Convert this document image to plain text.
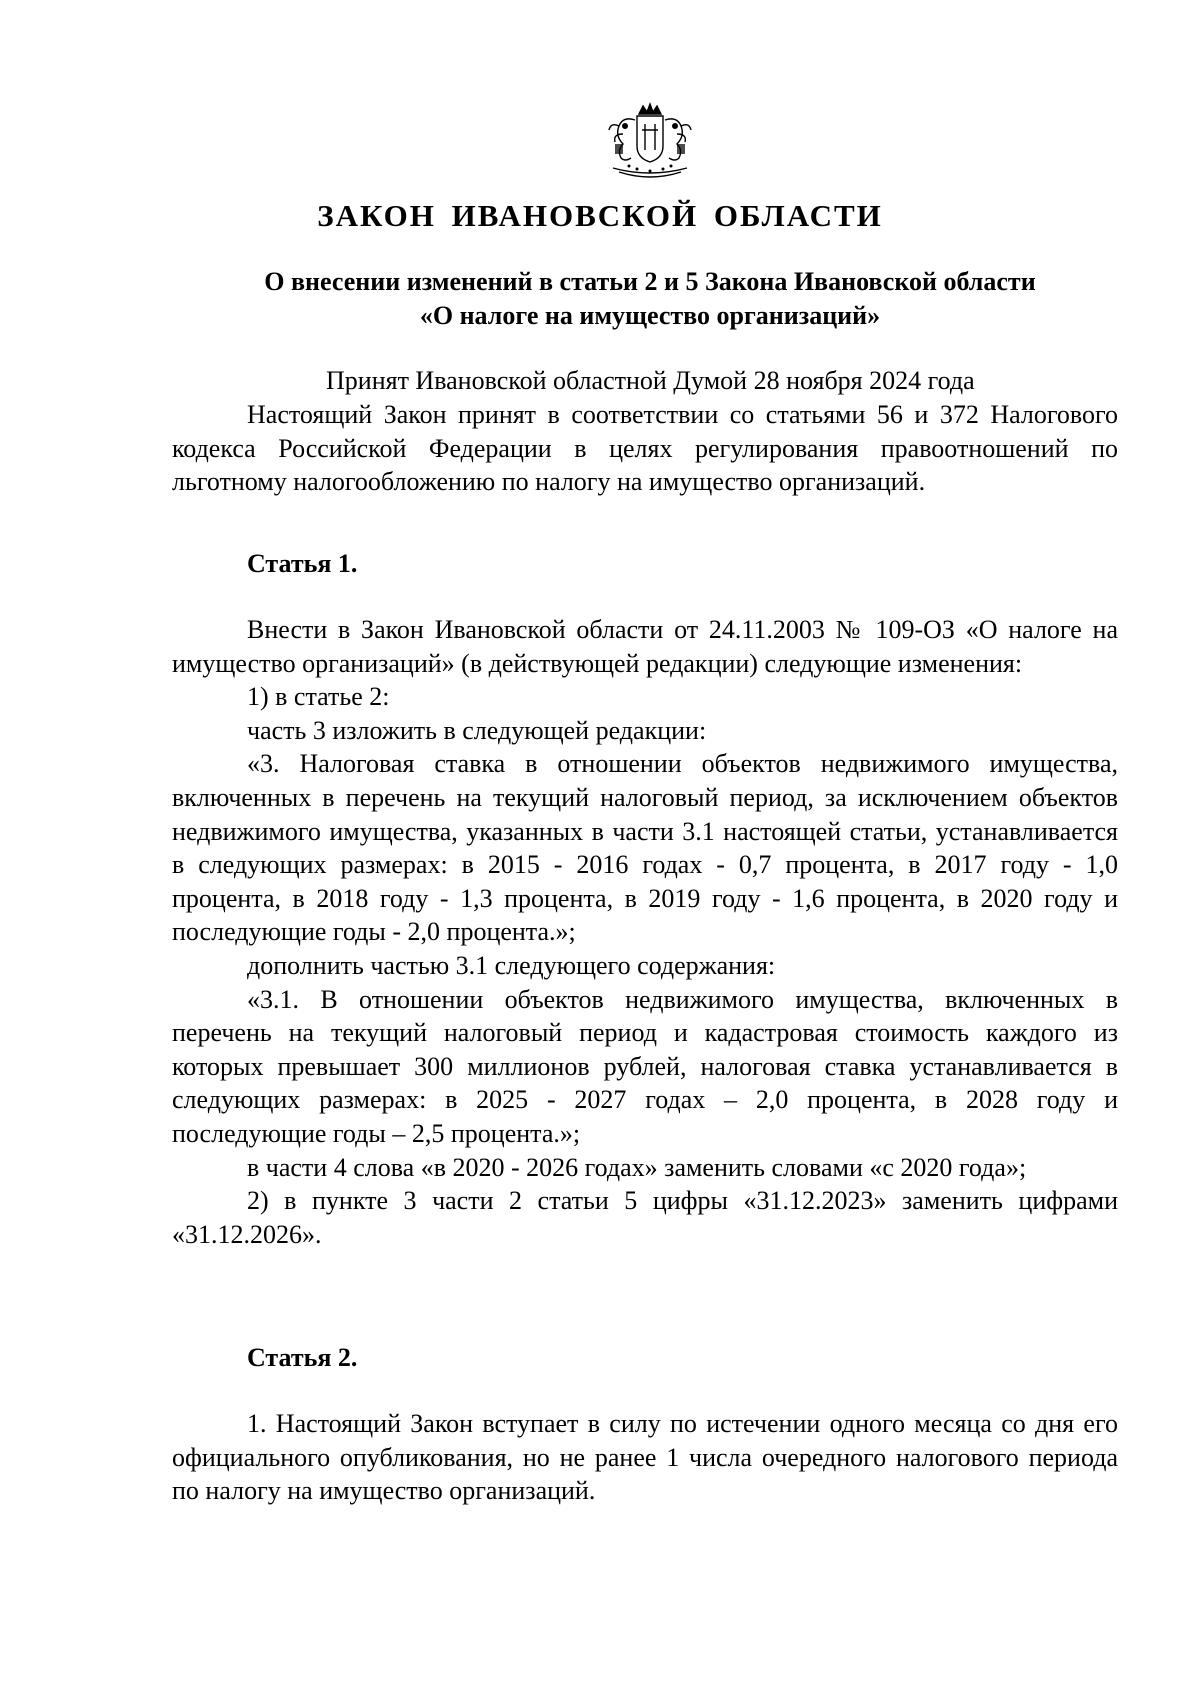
ЗАКОН ИВАНОВСКОЙ ОБЛАСТИ
О внесении изменений в статьи 2 и 5 Закона Ивановской области
«О налоге на имущество организаций»

Принят Ивановской областной Думой 28 ноября 2024 года

Настоящий Закон принят в соответствии со статьями 56 и 372 Налогового кодекса Российской Федерации в целях регулирования правоотношений по льготному налогообложению по налогу на имущество организаций.

Статья 1.

Внести в Закон Ивановской области от 24.11.2003 № 109-ОЗ «О налоге на имущество организаций» (в действующей редакции) следующие изменения:

1) в статье 2:

часть 3 изложить в следующей редакции:

«3. Налоговая ставка в отношении объектов недвижимого имущества, включенных в перечень на текущий налоговый период, за исключением объектов недвижимого имущества, указанных в части 3.1 настоящей статьи, устанавливается в следующих размерах: в 2015 - 2016 годах - 0,7 процента, в 2017 году - 1,0 процента, в 2018 году - 1,3 процента, в 2019 году - 1,6 процента, в 2020 году и последующие годы - 2,0 процента.»;

дополнить частью 3.1 следующего содержания:

«3.1. В отношении объектов недвижимого имущества, включенных в перечень на текущий налоговый период и кадастровая стоимость каждого из которых превышает 300 миллионов рублей, налоговая ставка устанавливается в следующих размерах: в 2025 - 2027 годах – 2,0 процента, в 2028 году и последующие годы – 2,5 процента.»;

в части 4 слова «в 2020 - 2026 годах» заменить словами «с 2020 года»;

2) в пункте 3 части 2 статьи 5 цифры «31.12.2023» заменить цифрами «31.12.2026».

Статья 2.

1. Настоящий Закон вступает в силу по истечении одного месяца со дня его официального опубликования, но не ранее 1 числа очередного налогового периода по налогу на имущество организаций.
